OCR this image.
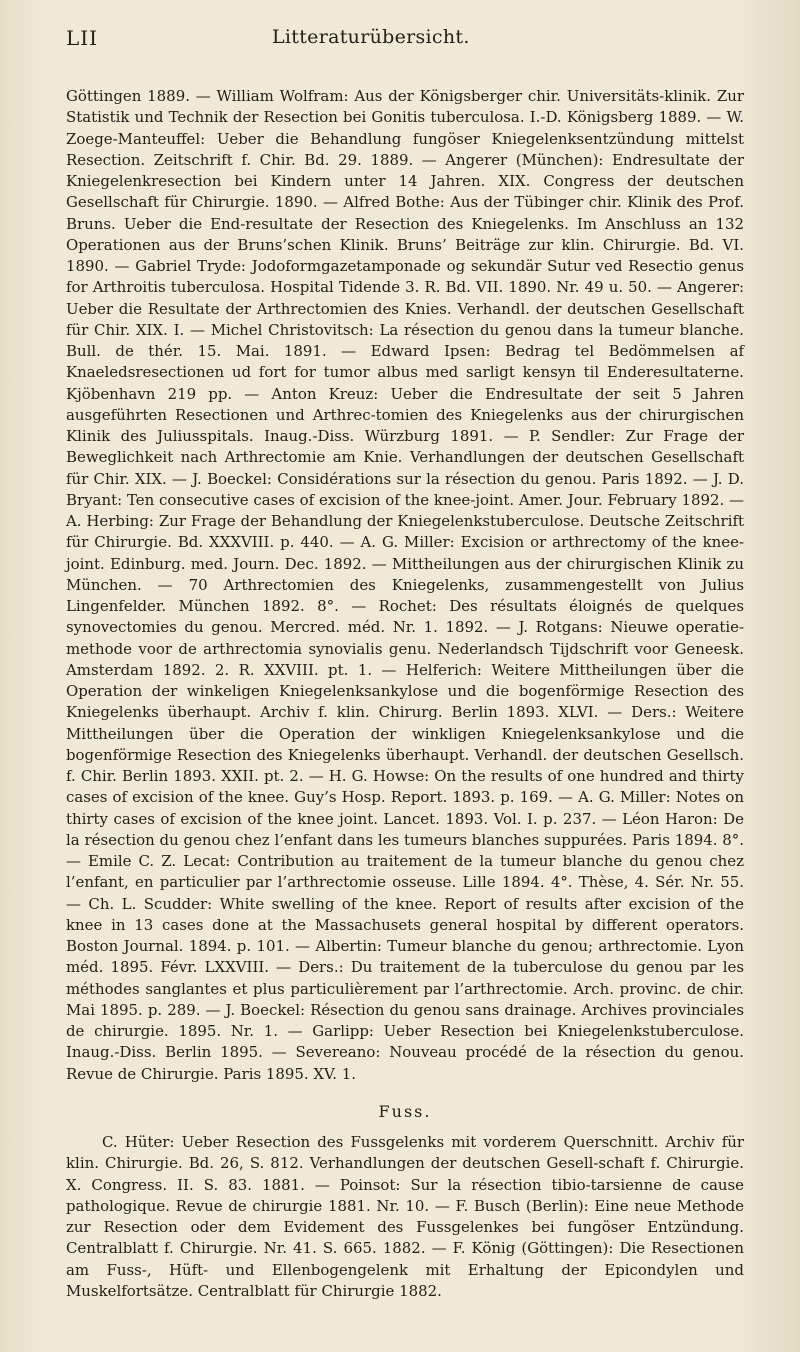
LII	Litteraturübersicht.

Göttingen 1889. — William Wolfram: Aus der Königsberger chir. Universitäts-klinik. Zur Statistik und Technik der Resection bei Gonitis tuberculosa. I.-D. Königsberg 1889. — W. Zoege-Manteuffel: Ueber die Behandlung fungöser Kniegelenksentzündung mittelst Resection. Zeitschrift f. Chir. Bd. 29. 1889. — Angerer (München): Endresultate der Kniegelenkresection bei Kindern unter 14 Jahren. XIX. Congress der deutschen Gesellschaft für Chirurgie. 1890. — Alfred Bothe: Aus der Tübinger chir. Klinik des Prof. Bruns. Ueber die End-resultate der Resection des Kniegelenks. Im Anschluss an 132 Operationen aus der Bruns’schen Klinik. Bruns’ Beiträge zur klin. Chirurgie. Bd. VI. 1890. — Gabriel Tryde: Jodoformgazetamponade og sekundär Sutur ved Resectio genus for Arthroitis tuberculosa. Hospital Tidende 3. R. Bd. VII. 1890. Nr. 49 u. 50. — Angerer: Ueber die Resultate der Arthrectomien des Knies. Verhandl. der deutschen Gesellschaft für Chir. XIX. I. — Michel Christovitsch: La résection du genou dans la tumeur blanche. Bull. de thér. 15. Mai. 1891. — Edward Ipsen: Bedrag tel Bedömmelsen af Knaeledsresectionen ud fort for tumor albus med sarligt kensyn til Enderesultaterne. Kjöbenhavn 219 pp. — Anton Kreuz: Ueber die Endresultate der seit 5 Jahren ausgeführten Resectionen und Arthrec-tomien des Kniegelenks aus der chirurgischen Klinik des Juliusspitals. Inaug.-Diss. Würzburg 1891. — P. Sendler: Zur Frage der Beweglichkeit nach Arthrectomie am Knie. Verhandlungen der deutschen Gesellschaft für Chir. XIX. — J. Boeckel: Considérations sur la résection du genou. Paris 1892. — J. D. Bryant: Ten consecutive cases of excision of the knee-joint. Amer. Jour. February 1892. — A. Herbing: Zur Frage der Behandlung der Kniegelenkstuberculose. Deutsche Zeitschrift für Chirurgie. Bd. XXXVIII. p. 440. — A. G. Miller: Excision or arthrectomy of the knee-joint. Edinburg. med. Journ. Dec. 1892. — Mittheilungen aus der chirurgischen Klinik zu München. — 70 Arthrectomien des Kniegelenks, zusammengestellt von Julius Lingenfelder. München 1892. 8°. — Rochet: Des résultats éloignés de quelques synovectomies du genou. Mercred. méd. Nr. 1. 1892. — J. Rotgans: Nieuwe operatie-methode voor de arthrectomia synovialis genu. Nederlandsch Tijdschrift voor Geneesk. Amsterdam 1892. 2. R. XXVIII. pt. 1. — Helferich: Weitere Mittheilungen über die Operation der winkeligen Kniegelenksankylose und die bogenförmige Resection des Kniegelenks überhaupt. Archiv f. klin. Chirurg. Berlin 1893. XLVI. — Ders.: Weitere Mittheilungen über die Operation der winkligen Kniegelenksankylose und die bogenförmige Resection des Kniegelenks überhaupt. Verhandl. der deutschen Gesellsch. f. Chir. Berlin 1893. XXII. pt. 2. — H. G. Howse: On the results of one hundred and thirty cases of excision of the knee. Guy’s Hosp. Report. 1893. p. 169. — A. G. Miller: Notes on thirty cases of excision of the knee joint. Lancet. 1893. Vol. I. p. 237. — Léon Haron: De la résection du genou chez l’enfant dans les tumeurs blanches suppurées. Paris 1894. 8°. — Emile C. Z. Lecat: Contribution au traitement de la tumeur blanche du genou chez l’enfant, en particulier par l’arthrectomie osseuse. Lille 1894. 4°. Thèse, 4. Sér. Nr. 55. — Ch. L. Scudder: White swelling of the knee. Report of results after excision of the knee in 13 cases done at the Massachusets general hospital by different operators. Boston Journal. 1894. p. 101. — Albertin: Tumeur blanche du genou; arthrectomie. Lyon méd. 1895. Févr. LXXVIII. — Ders.: Du traitement de la tuberculose du genou par les méthodes sanglantes et plus particulièrement par l’arthrectomie. Arch. provinc. de chir. Mai 1895. p. 289. — J. Boeckel: Résection du genou sans drainage. Archives provinciales de chirurgie. 1895. Nr. 1. — Garlipp: Ueber Resection bei Kniegelenkstuberculose. Inaug.-Diss. Berlin 1895. — Severeano: Nouveau procédé de la résection du genou. Revue de Chirurgie. Paris 1895. XV. 1.

Fuss.

C. Hüter: Ueber Resection des Fussgelenks mit vorderem Querschnitt. Archiv für klin. Chirurgie. Bd. 26, S. 812. Verhandlungen der deutschen Gesell-schaft f. Chirurgie. X. Congress. II. S. 83. 1881. — Poinsot: Sur la résection tibio-tarsienne de cause pathologique. Revue de chirurgie 1881. Nr. 10. — F. Busch (Berlin): Eine neue Methode zur Resection oder dem Evidement des Fussgelenkes bei fungöser Entzündung. Centralblatt f. Chirurgie. Nr. 41. S. 665. 1882. — F. König (Göttingen): Die Resectionen am Fuss-, Hüft- und Ellenbogengelenk mit Erhaltung der Epicondylen und Muskelfortsätze. Centralblatt für Chirurgie 1882.
